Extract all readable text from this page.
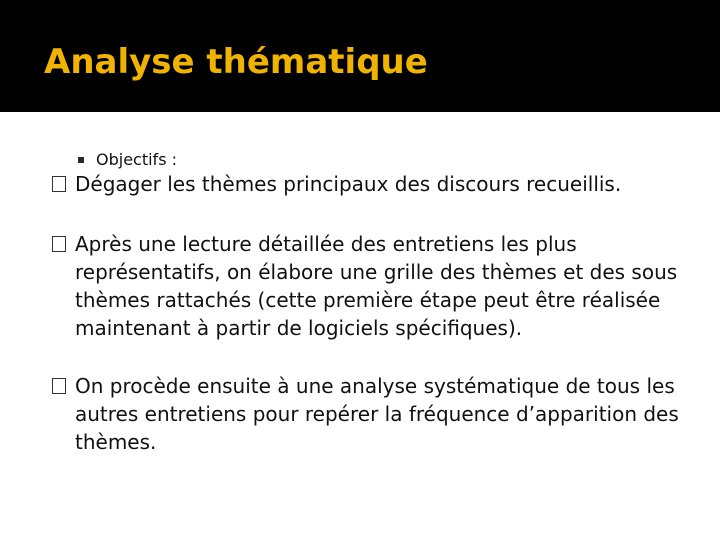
Analyse thématique
Objectifs :
Dégager les thèmes principaux des discours recueillis.
Après une lecture détaillée des entretiens les plus représentatifs, on élabore une grille des thèmes et des sous thèmes rattachés (cette première étape peut être réalisée maintenant à partir de logiciels spécifiques).
On procède ensuite à une analyse systématique de tous les autres entretiens pour repérer la fréquence d’apparition des thèmes.
